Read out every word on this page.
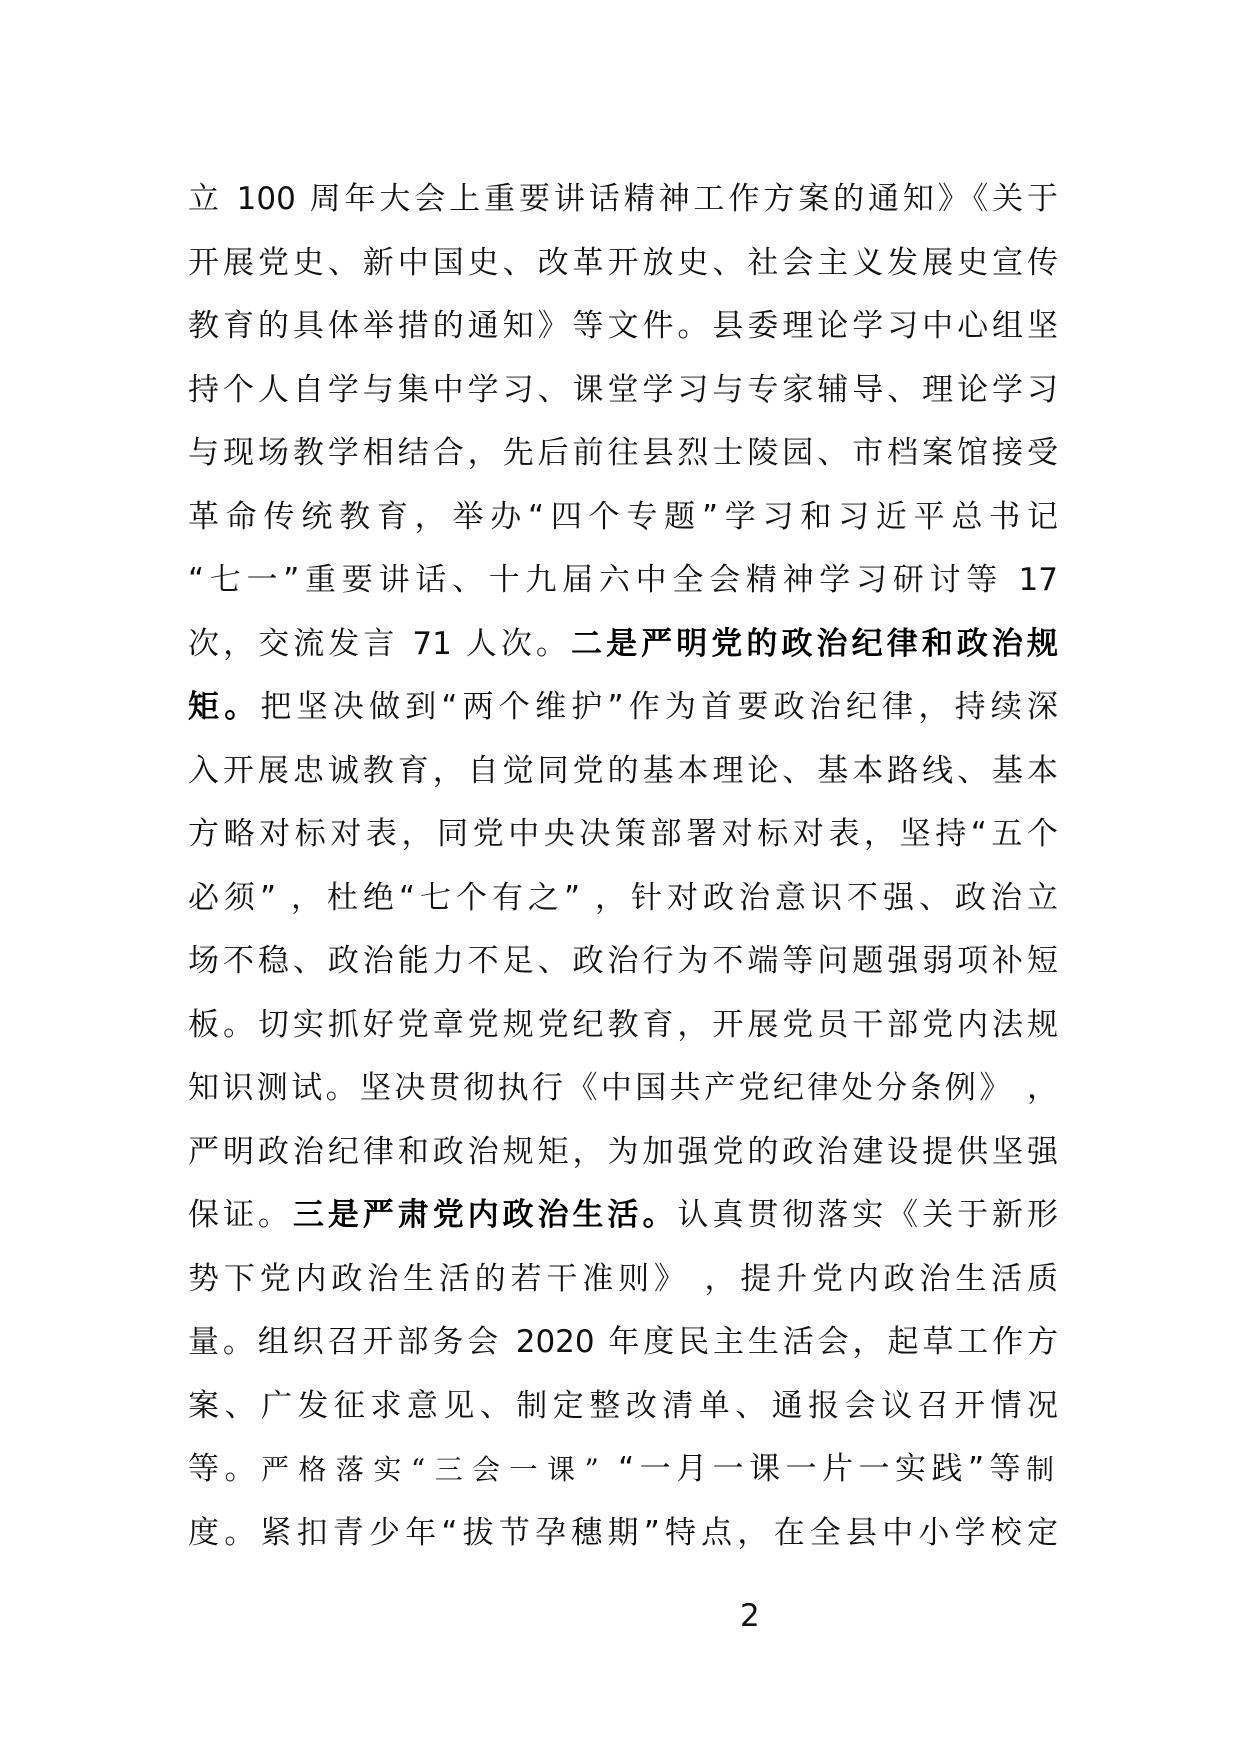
立 100 周年大会上重要讲话精神工作方案的通知》《关于
开展党史、新中国史、改革开放史、社会主义发展史宣传
教育的具体举措的通知》等文件。县委理论学习中心组坚
持个人自学与集中学习、课堂学习与专家辅导、理论学习
与现场教学相结合，先后前往县烈士陵园、市档案馆接受
革命传统教育，举办“四个专题”学习和习近平总书记
“七一”重要讲话、十九届六中全会精神学习研讨等 17
次，交流发言 71 人次。二是严明党的政治纪律和政治规
矩。把坚决做到“两个维护”作为首要政治纪律，持续深
入开展忠诚教育，自觉同党的基本理论、基本路线、基本
方略对标对表，同党中央决策部署对标对表，坚持“五个
必须” ，杜绝“七个有之” ，针对政治意识不强、政治立
场不稳、政治能力不足、政治行为不端等问题强弱项补短
板。切实抓好党章党规党纪教育，开展党员干部党内法规
知识测试。坚决贯彻执行《中国共产党纪律处分条例》 ，
严明政治纪律和政治规矩，为加强党的政治建设提供坚强
保证。三是严肃党内政治生活。认真贯彻落实《关于新形
势下党内政治生活的若干准则》 ，提升党内政治生活质
量。组织召开部务会 2020 年度民主生活会，起草工作方
案、广发征求意见、制定整改清单、通报会议召开情况
等。严格落实“三会一课” “一月一课一片一实践”等制
度。紧扣青少年“拔节孕穗期”特点，在全县中小学校定
2
